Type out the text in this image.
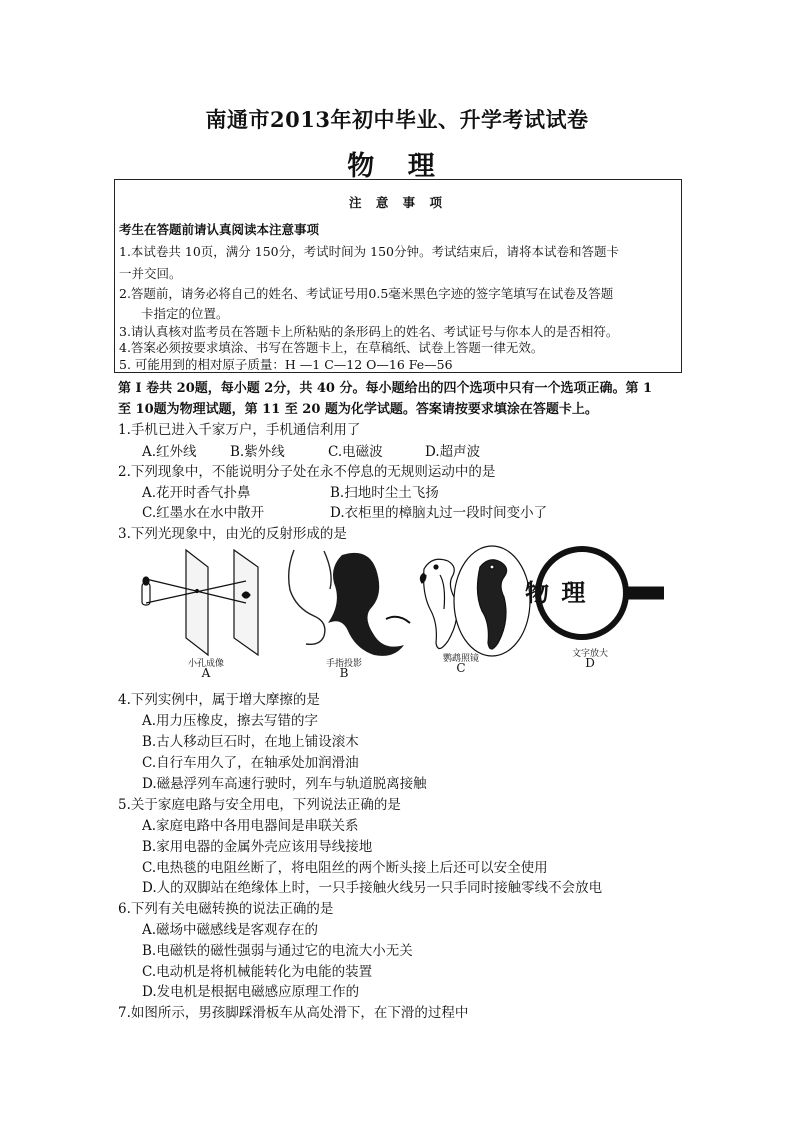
南通市2013年初中毕业、升学考试试卷
物 理
注 意 事 项
考生在答题前请认真阅读本注意事项
1.本试卷共 10页，满分 150分，考试时间为 150分钟。考试结束后，请将本试卷和答题卡
一并交回。
2.答题前，请务必将自己的姓名、考试证号用0.5毫米黑色字迹的签字笔填写在试卷及答题
卡指定的位置。
3.请认真核对监考员在答题卡上所粘贴的条形码上的姓名、考试证号与你本人的是否相符。
4.答案必须按要求填涂、书写在答题卡上，在草稿纸、试卷上答题一律无效。
5. 可能用到的相对原子质量：H —1 C—12 O—16 Fe—56
第 I 卷共 20题，每小题 2分，共 40 分。每小题给出的四个选项中只有一个选项正确。第 1
至 10题为物理试题，第 11 至 20 题为化学试题。答案请按要求填涂在答题卡上。
1.手机已进入千家万户，手机通信利用了
A.红外线 B.紫外线	C.电磁波	D.超声波
2.下列现象中，不能说明分子处在永不停息的无规则运动中的是
A.花开时香气扑鼻	B.扫地时尘土飞扬
C.红墨水在水中散开	D.衣柜里的樟脑丸过一段时间变小了
3.下列光现象中，由光的反射形成的是
物 理
小孔成像
A
手指投影
B
鹦鹉照镜
C
文字放大
D
4.下列实例中，属于增大摩擦的是
A.用力压橡皮，擦去写错的字
B.古人移动巨石时，在地上铺设滚木
C.自行车用久了，在轴承处加润滑油
D.磁悬浮列车高速行驶时，列车与轨道脱离接触
5.关于家庭电路与安全用电，下列说法正确的是
A.家庭电路中各用电器间是串联关系
B.家用电器的金属外壳应该用导线接地
C.电热毯的电阻丝断了，将电阻丝的两个断头接上后还可以安全使用
D.人的双脚站在绝缘体上时，一只手接触火线另一只手同时接触零线不会放电
6.下列有关电磁转换的说法正确的是
A.磁场中磁感线是客观存在的
B.电磁铁的磁性强弱与通过它的电流大小无关
C.电动机是将机械能转化为电能的装置
D.发电机是根据电磁感应原理工作的
7.如图所示，男孩脚踩滑板车从高处滑下，在下滑的过程中
